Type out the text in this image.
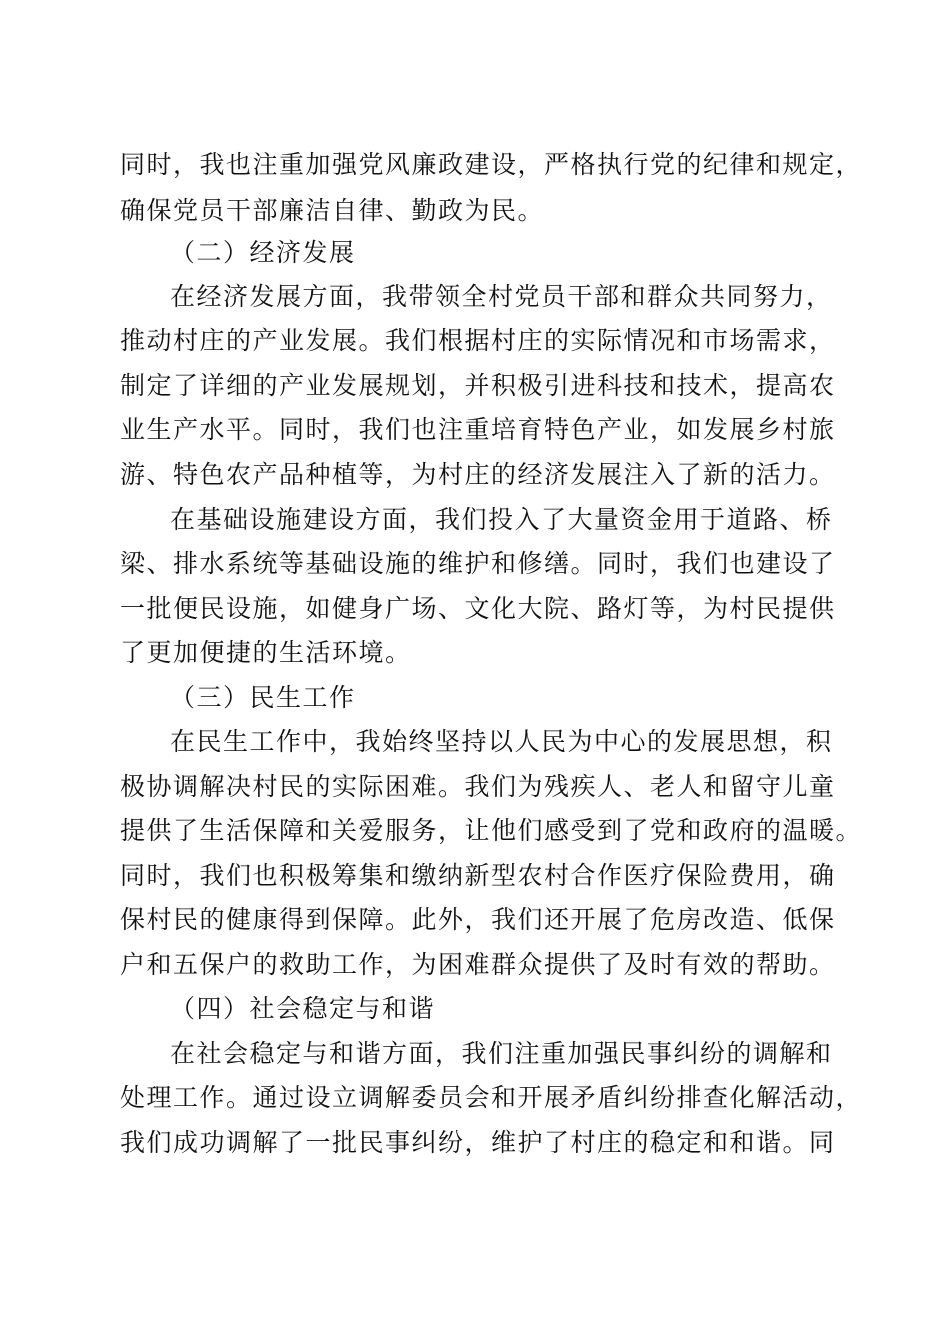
同时，我也注重加强党风廉政建设，严格执行党的纪律和规定，
确保党员干部廉洁自律、勤政为民。
（二）经济发展
在经济发展方面，我带领全村党员干部和群众共同努力，
推动村庄的产业发展。我们根据村庄的实际情况和市场需求，
制定了详细的产业发展规划，并积极引进科技和技术，提高农
业生产水平。同时，我们也注重培育特色产业，如发展乡村旅
游、特色农产品种植等，为村庄的经济发展注入了新的活力。
在基础设施建设方面，我们投入了大量资金用于道路、桥
梁、排水系统等基础设施的维护和修缮。同时，我们也建设了
一批便民设施，如健身广场、文化大院、路灯等，为村民提供
了更加便捷的生活环境。
（三）民生工作
在民生工作中，我始终坚持以人民为中心的发展思想，积
极协调解决村民的实际困难。我们为残疾人、老人和留守儿童
提供了生活保障和关爱服务，让他们感受到了党和政府的温暖。
同时，我们也积极筹集和缴纳新型农村合作医疗保险费用，确
保村民的健康得到保障。此外，我们还开展了危房改造、低保
户和五保户的救助工作，为困难群众提供了及时有效的帮助。
（四）社会稳定与和谐
在社会稳定与和谐方面，我们注重加强民事纠纷的调解和
处理工作。通过设立调解委员会和开展矛盾纠纷排查化解活动，
我们成功调解了一批民事纠纷，维护了村庄的稳定和和谐。同
